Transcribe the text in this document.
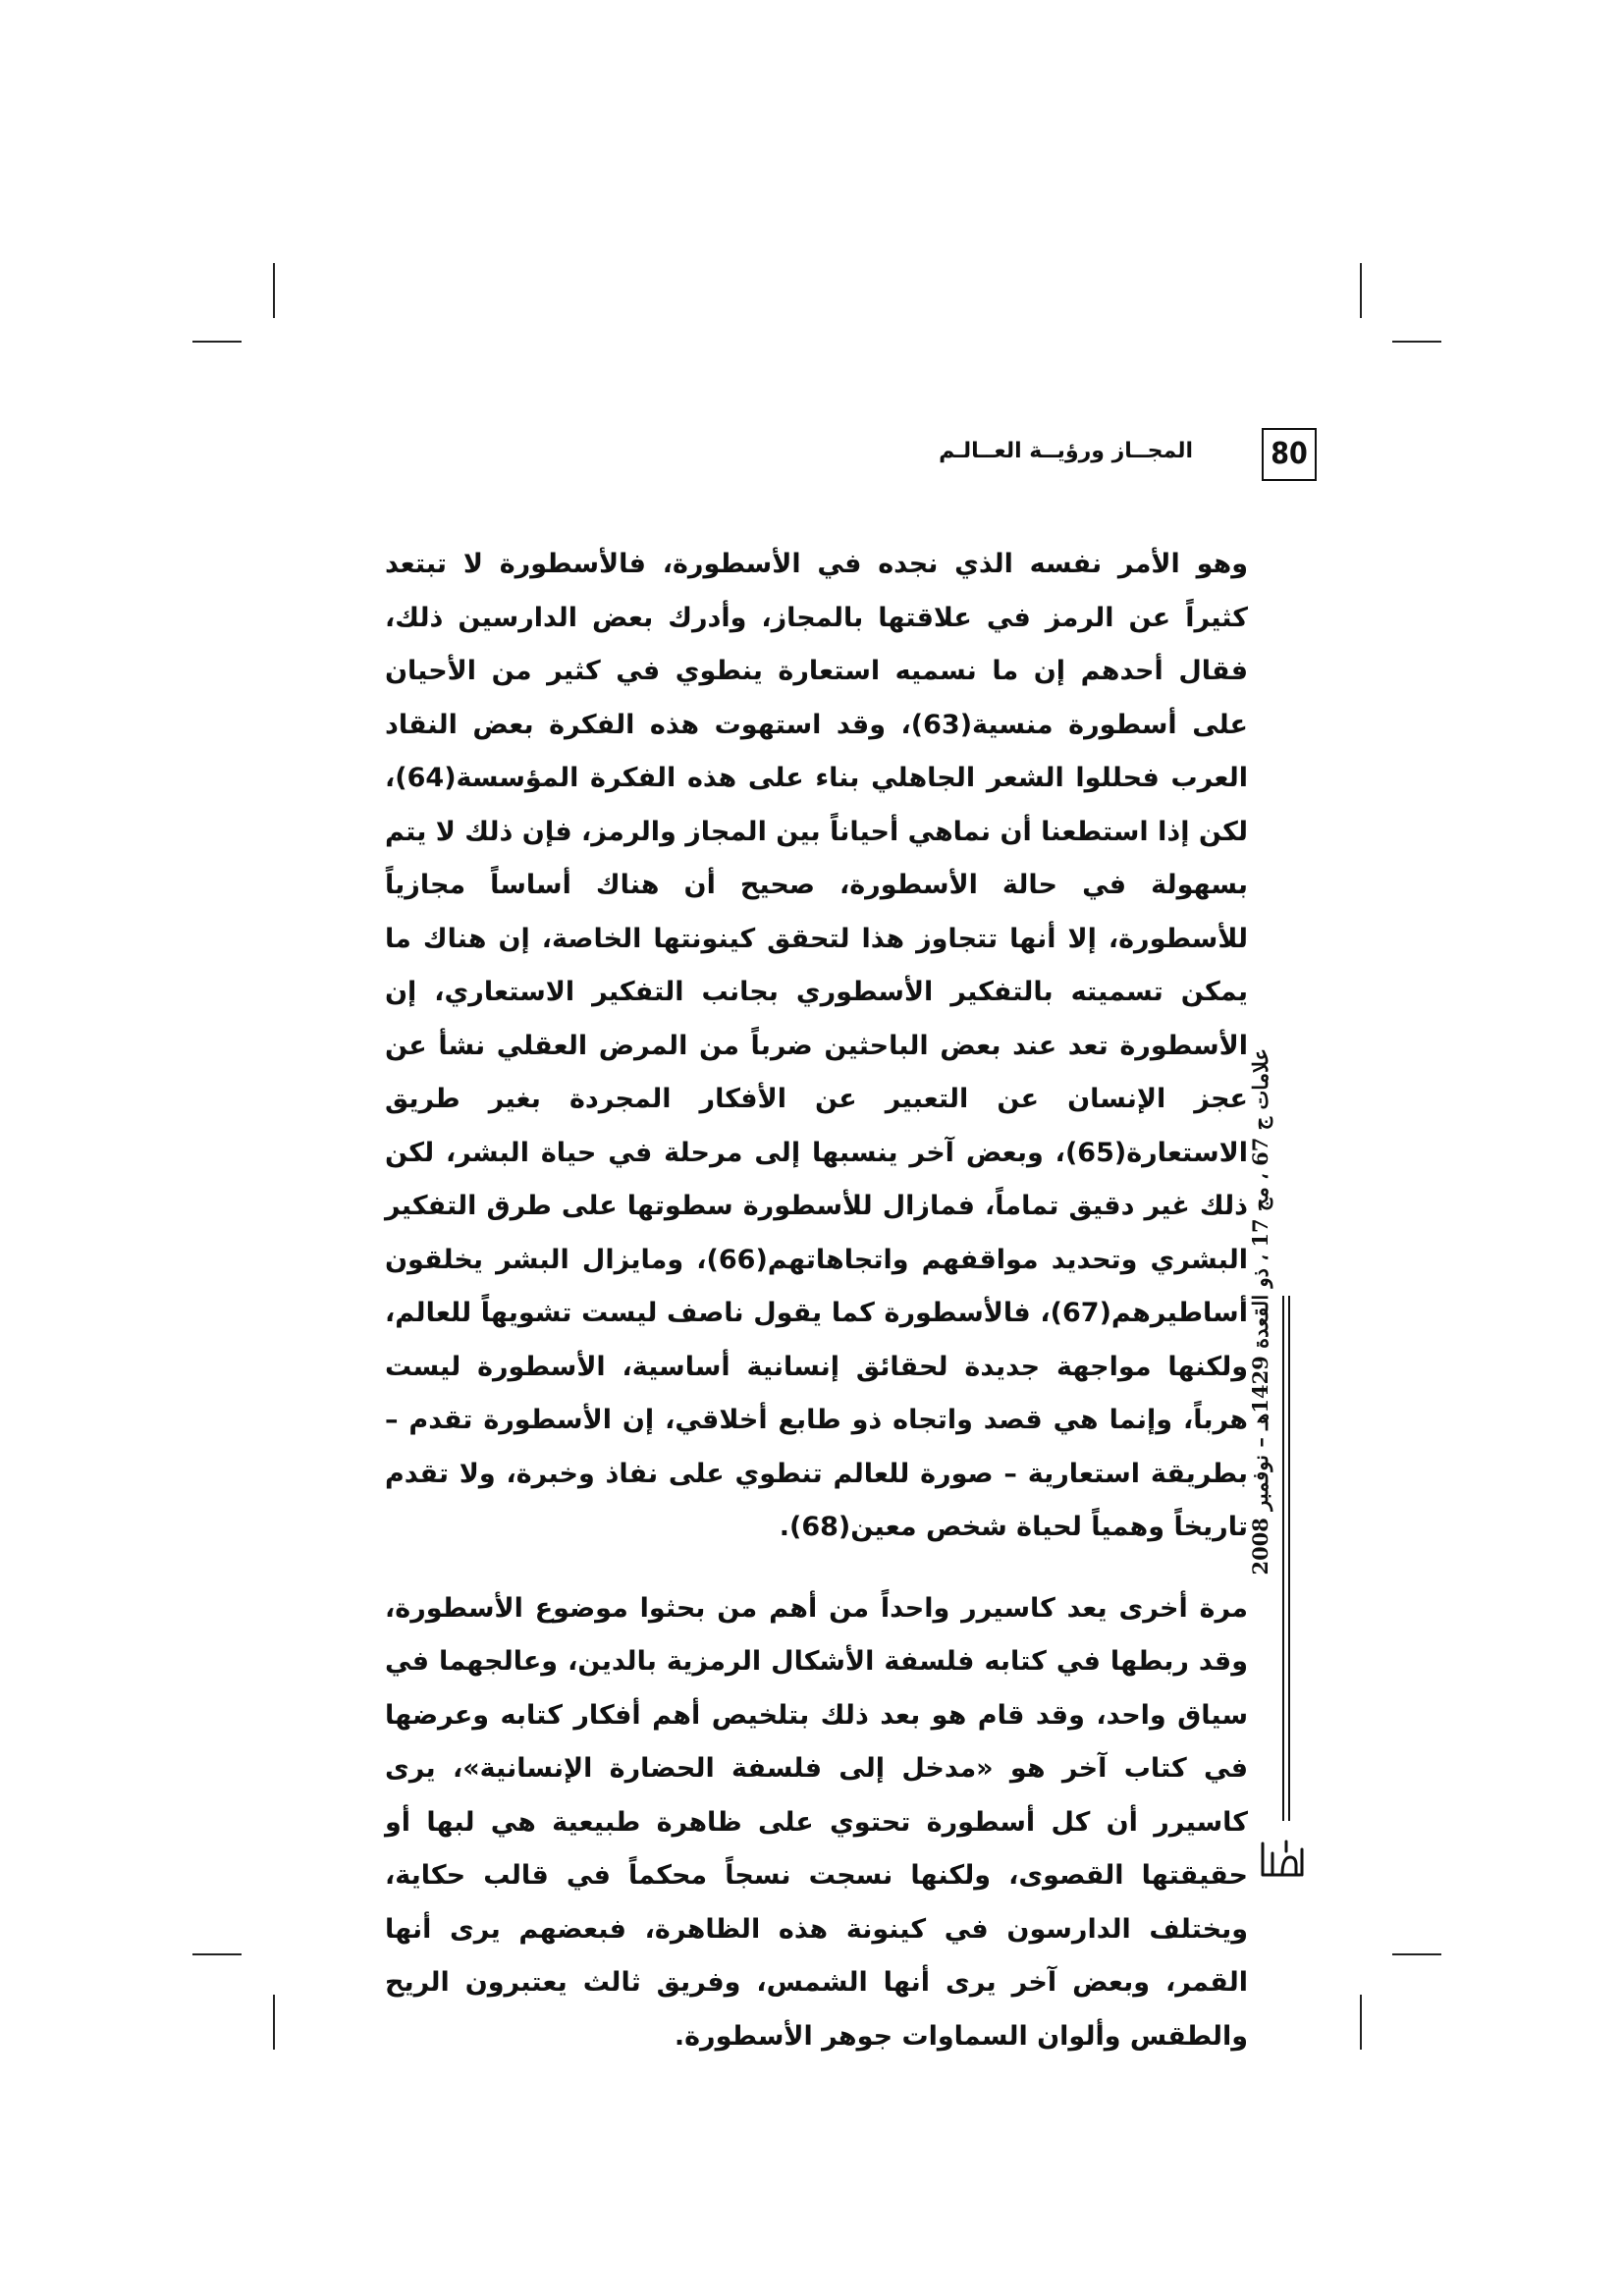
المجــاز ورؤيــة العــالـم	80

وهو الأمر نفسه الذي نجده في الأسطورة، فالأسطورة لا تبتعد كثيراً عن الرمز في علاقتها بالمجاز، وأدرك بعض الدارسين ذلك، فقال أحدهم إن ما نسميه استعارة ينطوي في كثير من الأحيان على أسطورة منسية(63)، وقد استهوت هذه الفكرة بعض النقاد العرب فحللوا الشعر الجاهلي بناء على هذه الفكرة المؤسسة(64)، لكن إذا استطعنا أن نماهي أحياناً بين المجاز والرمز، فإن ذلك لا يتم بسهولة في حالة الأسطورة، صحيح أن هناك أساساً مجازياً للأسطورة، إلا أنها تتجاوز هذا لتحقق كينونتها الخاصة، إن هناك ما يمكن تسميته بالتفكير الأسطوري بجانب التفكير الاستعاري، إن الأسطورة تعد عند بعض الباحثين ضرباً من المرض العقلي نشأ عن عجز الإنسان عن التعبير عن الأفكار المجردة بغير طريق الاستعارة(65)، وبعض آخر ينسبها إلى مرحلة في حياة البشر، لكن ذلك غير دقيق تماماً، فمازال للأسطورة سطوتها على طرق التفكير البشري وتحديد مواقفهم واتجاهاتهم(66)، ومايزال البشر يخلقون أساطيرهم(67)، فالأسطورة كما يقول ناصف ليست تشويهاً للعالم، ولكنها مواجهة جديدة لحقائق إنسانية أساسية، الأسطورة ليست هرباً، وإنما هي قصد واتجاه ذو طابع أخلاقي، إن الأسطورة تقدم – بطريقة استعارية – صورة للعالم تنطوي على نفاذ وخبرة، ولا تقدم تاريخاً وهمياً لحياة شخص معين(68).

مرة أخرى يعد كاسيرر واحداً من أهم من بحثوا موضوع الأسطورة، وقد ربطها في كتابه فلسفة الأشكال الرمزية بالدين، وعالجهما في سياق واحد، وقد قام هو بعد ذلك بتلخيص أهم أفكار كتابه وعرضها في كتاب آخر هو «مدخل إلى فلسفة الحضارة الإنسانية»، يرى كاسيرر أن كل أسطورة تحتوي على ظاهرة طبيعية هي لبها أو حقيقتها القصوى، ولكنها نسجت نسجاً محكماً في قالب حكاية، ويختلف الدارسون في كينونة هذه الظاهرة، فبعضهم يرى أنها القمر، وبعض آخر يرى أنها الشمس، وفريق ثالث يعتبرون الريح والطقس وألوان السماوات جوهر الأسطورة.

علامات ج 67 ، مج 17 ، ذو القعدة 1429هـ – نوفمبر 2008
